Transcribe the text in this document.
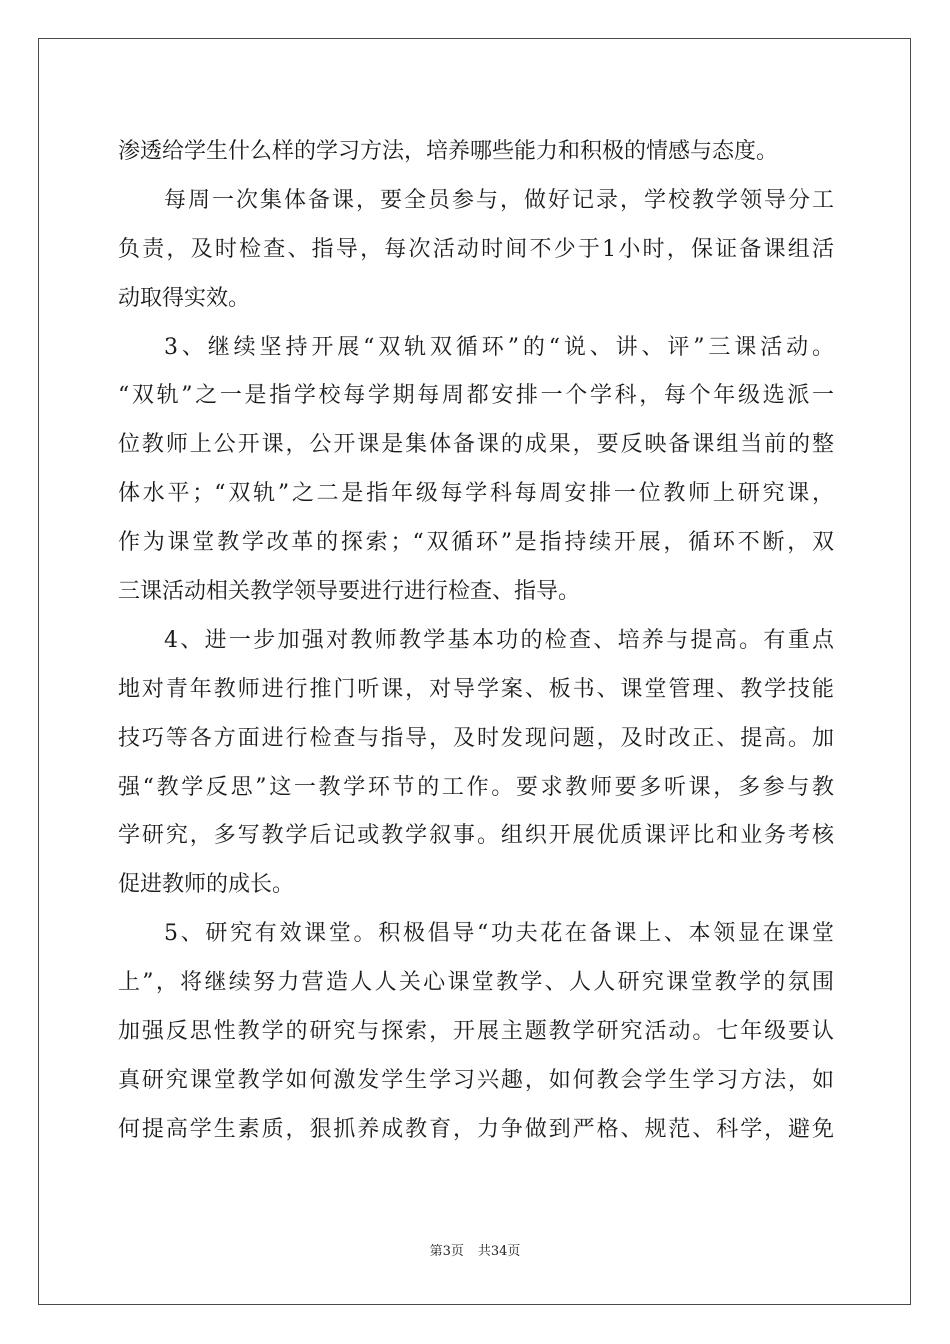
渗透给学生什么样的学习方法，培养哪些能力和积极的情感与态度。
每周一次集体备课，要全员参与，做好记录，学校教学领导分工
负责，及时检查、指导，每次活动时间不少于1小时，保证备课组活
动取得实效。
3、继续坚持开展“双轨双循环”的“说、讲、评”三课活动。
“双轨”之一是指学校每学期每周都安排一个学科，每个年级选派一
位教师上公开课，公开课是集体备课的成果，要反映备课组当前的整
体水平；“双轨”之二是指年级每学科每周安排一位教师上研究课，
作为课堂教学改革的探索；“双循环”是指持续开展，循环不断，双
三课活动相关教学领导要进行进行检查、指导。
4、进一步加强对教师教学基本功的检查、培养与提高。有重点
地对青年教师进行推门听课，对导学案、板书、课堂管理、教学技能
技巧等各方面进行检查与指导，及时发现问题，及时改正、提高。加
强“教学反思”这一教学环节的工作。要求教师要多听课，多参与教
学研究，多写教学后记或教学叙事。组织开展优质课评比和业务考核
促进教师的成长。
5、研究有效课堂。积极倡导“功夫花在备课上、本领显在课堂
上”，将继续努力营造人人关心课堂教学、人人研究课堂教学的氛围
加强反思性教学的研究与探索，开展主题教学研究活动。七年级要认
真研究课堂教学如何激发学生学习兴趣，如何教会学生学习方法，如
何提高学生素质，狠抓养成教育，力争做到严格、规范、科学，避免
第3页 共34页
